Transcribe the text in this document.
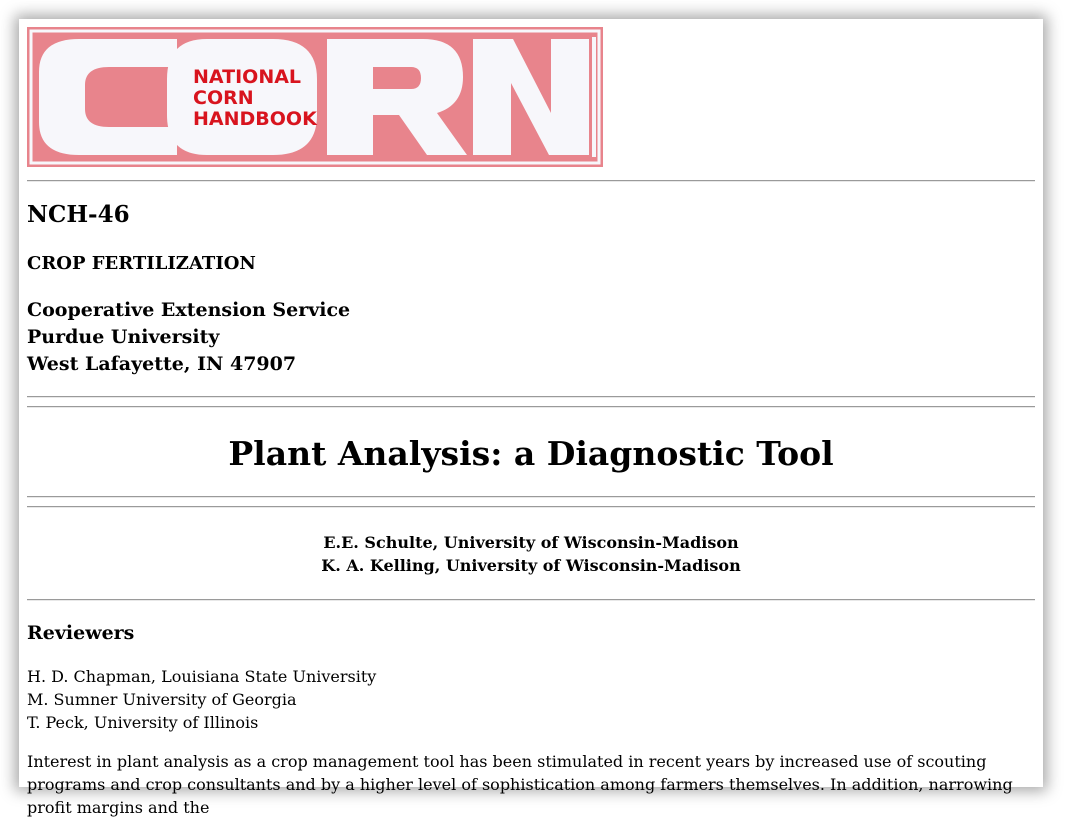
NATIONAL
CORN
HANDBOOK
NCH-46
CROP FERTILIZATION
Cooperative Extension Service
Purdue University
West Lafayette, IN 47907
Plant Analysis: a Diagnostic Tool
E.E. Schulte, University of Wisconsin-Madison
K. A. Kelling, University of Wisconsin-Madison
Reviewers
H. D. Chapman, Louisiana State University
M. Sumner University of Georgia
T. Peck, University of Illinois

Interest in plant analysis as a crop management tool has been stimulated in recent years by increased use of scouting programs and crop consultants and by a higher level of sophistication among farmers themselves. In addition, narrowing profit margins and the
